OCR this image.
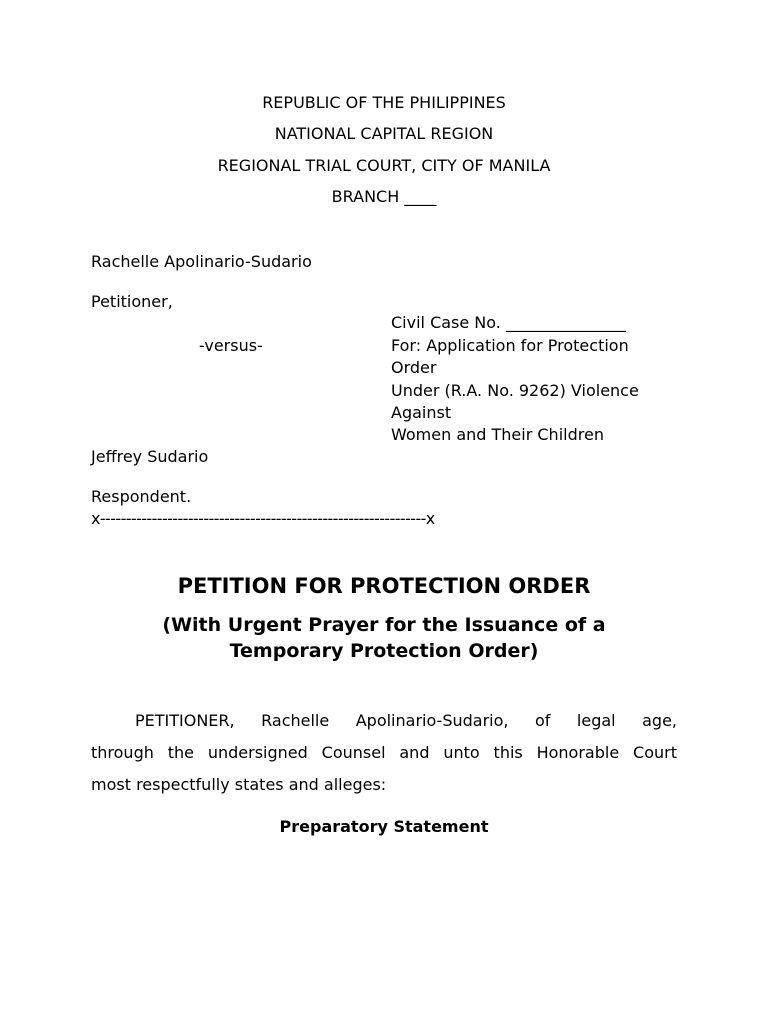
REPUBLIC OF THE PHILIPPINES
NATIONAL CAPITAL REGION
REGIONAL TRIAL COURT, CITY OF MANILA
BRANCH ____
Rachelle Apolinario-Sudario
Petitioner,
-versus-
Jeffrey Sudario
Respondent.
x---------------------------------------------------------------x
Civil Case No. _______________
For: Application for Protection
Order
Under (R.A. No. 9262) Violence
Against
Women and Their Children
PETITION FOR PROTECTION ORDER
(With Urgent Prayer for the Issuance of a
Temporary Protection Order)
PETITIONER, Rachelle Apolinario-Sudario, of legal age,
through the undersigned Counsel and unto this Honorable Court
most respectfully states and alleges:
Preparatory Statement
